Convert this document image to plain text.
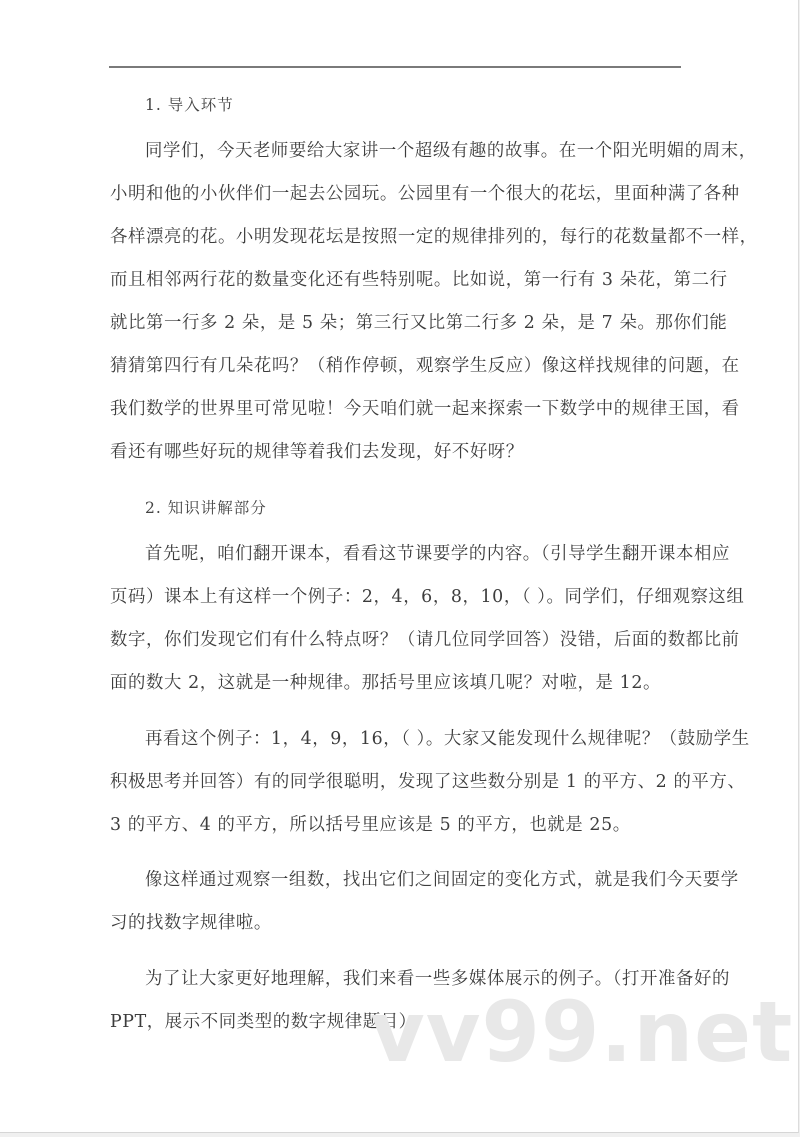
1. 导入环节
同学们，今天老师要给大家讲一个超级有趣的故事。在一个阳光明媚的周末，
小明和他的小伙伴们一起去公园玩。公园里有一个很大的花坛，里面种满了各种
各样漂亮的花。小明发现花坛是按照一定的规律排列的，每行的花数量都不一样，
而且相邻两行花的数量变化还有些特别呢。比如说，第一行有 3 朵花，第二行
就比第一行多 2 朵，是 5 朵；第三行又比第二行多 2 朵，是 7 朵。那你们能
猜猜第四行有几朵花吗？（稍作停顿，观察学生反应）像这样找规律的问题，在
我们数学的世界里可常见啦！今天咱们就一起来探索一下数学中的规律王国，看
看还有哪些好玩的规律等着我们去发现，好不好呀？
2. 知识讲解部分
首先呢，咱们翻开课本，看看这节课要学的内容。（引导学生翻开课本相应
页码）课本上有这样一个例子：2，4，6，8，10，（ ）。同学们，仔细观察这组
数字，你们发现它们有什么特点呀？（请几位同学回答）没错，后面的数都比前
面的数大 2，这就是一种规律。那括号里应该填几呢？对啦，是 12。
再看这个例子：1，4，9，16，（ ）。大家又能发现什么规律呢？（鼓励学生
积极思考并回答）有的同学很聪明，发现了这些数分别是 1 的平方、2 的平方、
3 的平方、4 的平方，所以括号里应该是 5 的平方，也就是 25。
像这样通过观察一组数，找出它们之间固定的变化方式，就是我们今天要学
习的找数字规律啦。
为了让大家更好地理解，我们来看一些多媒体展示的例子。（打开准备好的
PPT，展示不同类型的数字规律题目）
vv99.net
